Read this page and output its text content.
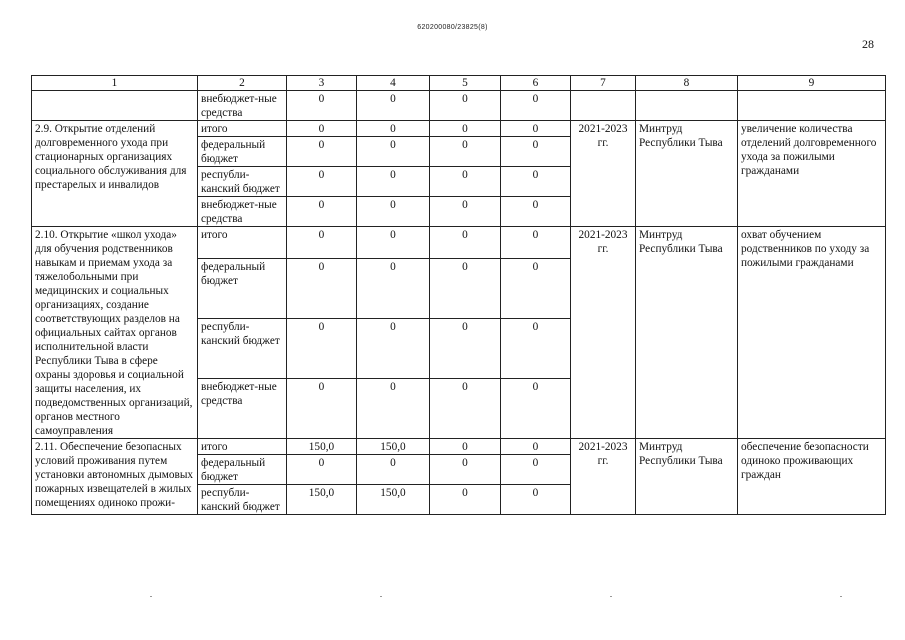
620200080/23825(8)
28
1	2	3	4	5	6	7	8	9
	внебюджет-ные средства	0	0	0	0			
2.9. Открытие отделений долговременного ухода при стационарных организациях социального обслуживания для престарелых и инвалидов	итого	0	0	0	0	2021-2023 гг.	Минтруд Республики Тыва	увеличение количества отделений долговременного ухода за пожилыми гражданами
	федеральный бюджет	0	0	0	0			
	республи-канский бюджет	0	0	0	0			
	внебюджет-ные средства	0	0	0	0			
2.10. Открытие «школ ухода» для обучения родственников навыкам и приемам ухода за тяжелобольными при медицинских и социальных организациях, создание соответствующих разделов на официальных сайтах органов исполнительной власти Республики Тыва в сфере охраны здоровья и социальной защиты населения, их подведомственных организаций, органов местного самоуправления	итого	0	0	0	0	2021-2023 гг.	Минтруд Республики Тыва	охват обучением родственников по уходу за пожилыми гражданами
	федеральный бюджет	0	0	0	0			
	республи-канский бюджет	0	0	0	0			
	внебюджет-ные средства	0	0	0	0			
2.11. Обеспечение безопасных условий проживания путем установки автономных дымовых пожарных извещателей в жилых помещениях одиноко прожи-	итого	150,0	150,0	0	0	2021-2023 гг.	Минтруд Республики Тыва	обеспечение безопасности одиноко проживающих граждан
	федеральный бюджет	0	0	0	0			
	республи-канский бюджет	150,0	150,0	0	0			
